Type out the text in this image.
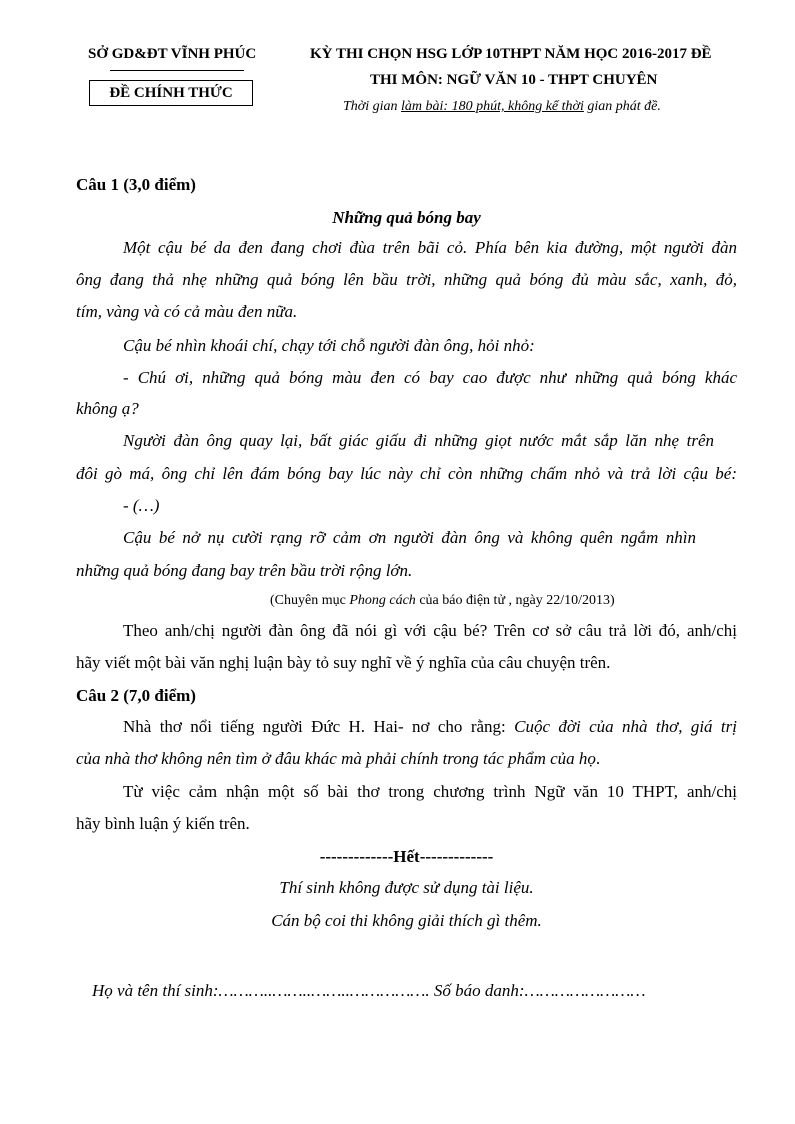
SỞ GD&ĐT VĨNH PHÚC
ĐỀ CHÍNH THỨC
KỲ THI CHỌN HSG LỚP 10THPT NĂM HỌC 2016-2017 ĐỀ
THI MÔN: NGỮ VĂN 10 - THPT CHUYÊN
Thời gian làm bài: 180 phút, không kể thời gian phát đề.
Câu 1 (3,0 điểm)
Những quả bóng bay
Một cậu bé da đen đang chơi đùa trên bãi cỏ. Phía bên kia đường, một người đàn
ông đang thả nhẹ những quả bóng lên bầu trời, những quả bóng đủ màu sắc, xanh, đỏ,
tím, vàng và có cả màu đen nữa.
Cậu bé nhìn khoái chí, chạy tới chỗ người đàn ông, hỏi nhỏ:
- Chú ơi, những quả bóng màu đen có bay cao được như những quả bóng khác
không ạ?
Người đàn ông quay lại, bất giác giấu đi những giọt nước mắt sắp lăn nhẹ trên
đôi gò má, ông chỉ lên đám bóng bay lúc này chỉ còn những chấm nhỏ và trả lời cậu bé:
- (…)
Cậu bé nở nụ cười rạng rỡ cảm ơn người đàn ông và không quên ngắm nhìn
những quả bóng đang bay trên bầu trời rộng lớn.
(Chuyên mục Phong cách của báo điện tử , ngày 22/10/2013)
Theo anh/chị người đàn ông đã nói gì với cậu bé? Trên cơ sở câu trả lời đó, anh/chị
hãy viết một bài văn nghị luận bày tỏ suy nghĩ về ý nghĩa của câu chuyện trên.
Câu 2 (7,0 điểm)
Nhà thơ nổi tiếng người Đức H. Hai- nơ cho rằng: Cuộc đời của nhà thơ, giá trị
của nhà thơ không nên tìm ở đâu khác mà phải chính trong tác phẩm của họ.
Từ việc cảm nhận một số bài thơ trong chương trình Ngữ văn 10 THPT, anh/chị
hãy bình luận ý kiến trên.
-------------Hết-------------
Thí sinh không được sử dụng tài liệu.
Cán bộ coi thi không giải thích gì thêm.
Họ và tên thí sinh:………..……..……..……………. Số báo danh:……………………
